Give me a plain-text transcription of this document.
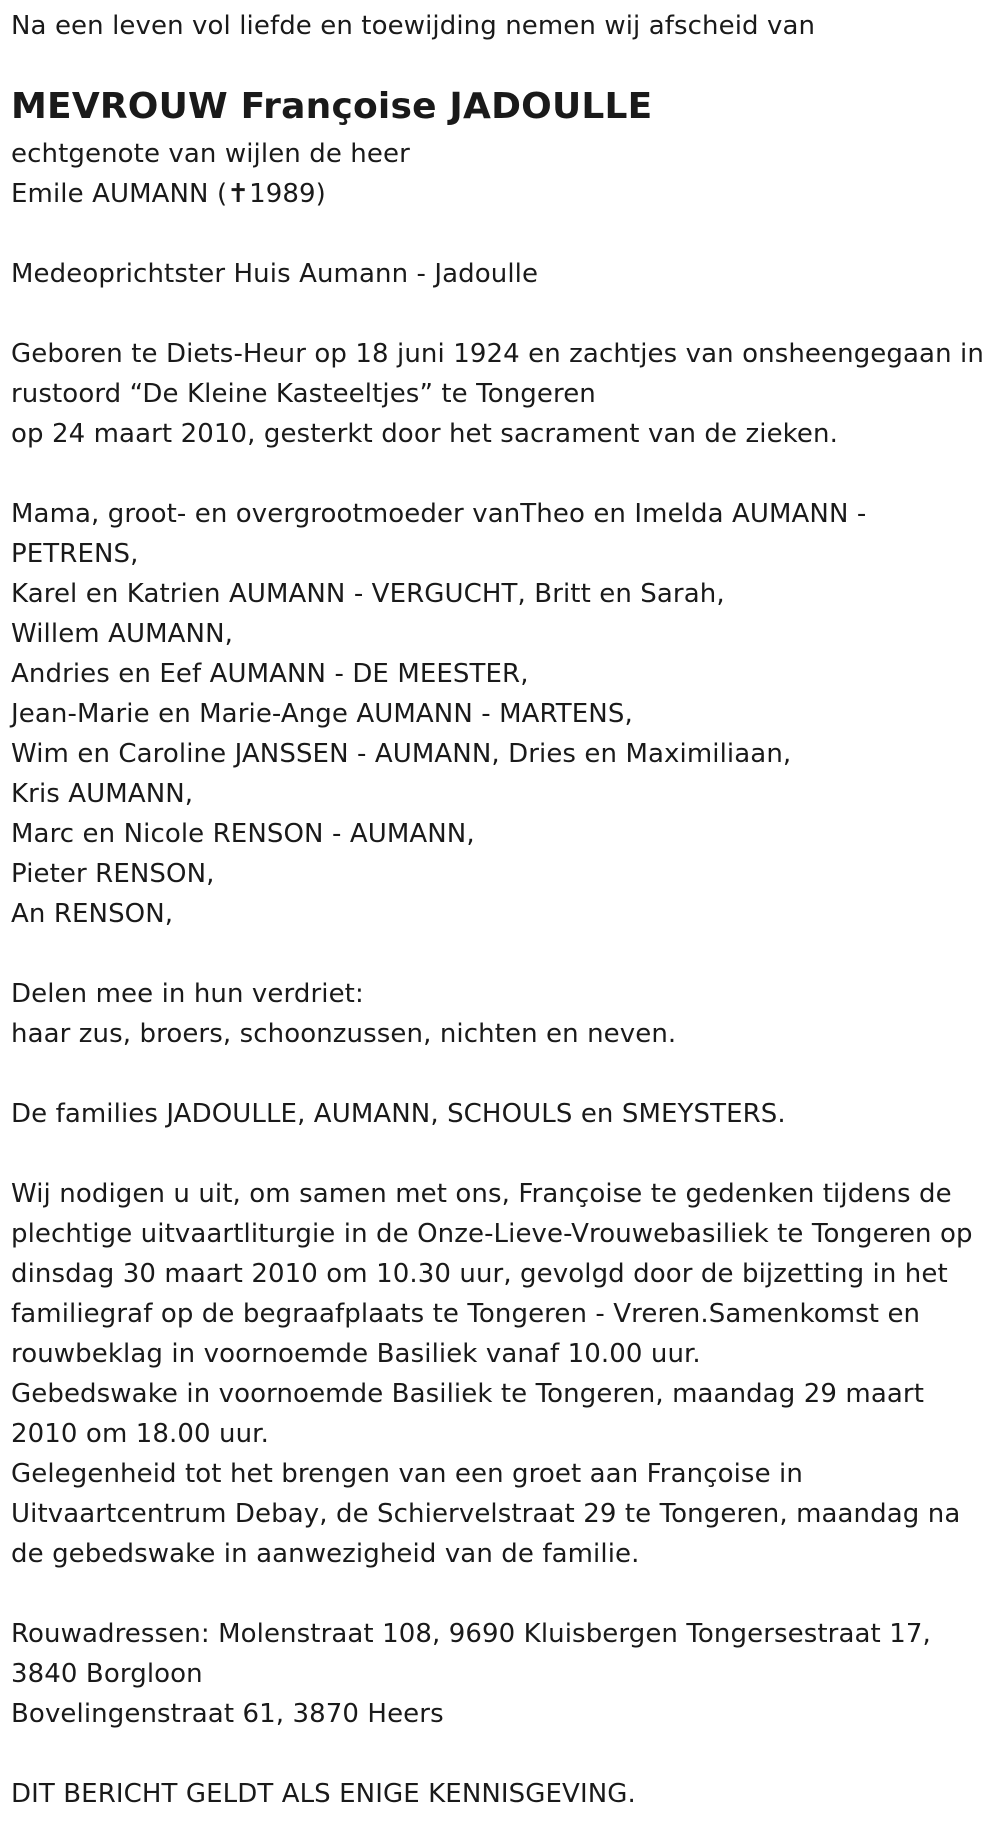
Na een leven vol liefde en toewijding nemen wij afscheid van
MEVROUW Françoise JADOULLE
echtgenote van wijlen de heer
Emile AUMANN (✝1989)
Medeoprichtster Huis Aumann - Jadoulle
Geboren te Diets-Heur op 18 juni 1924 en zachtjes van onsheengegaan in
rustoord “De Kleine Kasteeltjes” te Tongeren
op 24 maart 2010, gesterkt door het sacrament van de zieken.
Mama, groot- en overgrootmoeder vanTheo en Imelda AUMANN -
PETRENS,
Karel en Katrien AUMANN - VERGUCHT, Britt en Sarah,
Willem AUMANN,
Andries en Eef AUMANN - DE MEESTER,
Jean-Marie en Marie-Ange AUMANN - MARTENS,
Wim en Caroline JANSSEN - AUMANN, Dries en Maximiliaan,
Kris AUMANN,
Marc en Nicole RENSON - AUMANN,
Pieter RENSON,
An RENSON,
Delen mee in hun verdriet:
haar zus, broers, schoonzussen, nichten en neven.
De families JADOULLE, AUMANN, SCHOULS en SMEYSTERS.
Wij nodigen u uit, om samen met ons, Françoise te gedenken tijdens de
plechtige uitvaartliturgie in de Onze-Lieve-Vrouwebasiliek te Tongeren op
dinsdag 30 maart 2010 om 10.30 uur, gevolgd door de bijzetting in het
familiegraf op de begraafplaats te Tongeren - Vreren.Samenkomst en
rouwbeklag in voornoemde Basiliek vanaf 10.00 uur.
Gebedswake in voornoemde Basiliek te Tongeren, maandag 29 maart
2010 om 18.00 uur.
Gelegenheid tot het brengen van een groet aan Françoise in
Uitvaartcentrum Debay, de Schiervelstraat 29 te Tongeren, maandag na
de gebedswake in aanwezigheid van de familie.
Rouwadressen: Molenstraat 108, 9690 Kluisbergen Tongersestraat 17,
3840 Borgloon
Bovelingenstraat 61, 3870 Heers
DIT BERICHT GELDT ALS ENIGE KENNISGEVING.
